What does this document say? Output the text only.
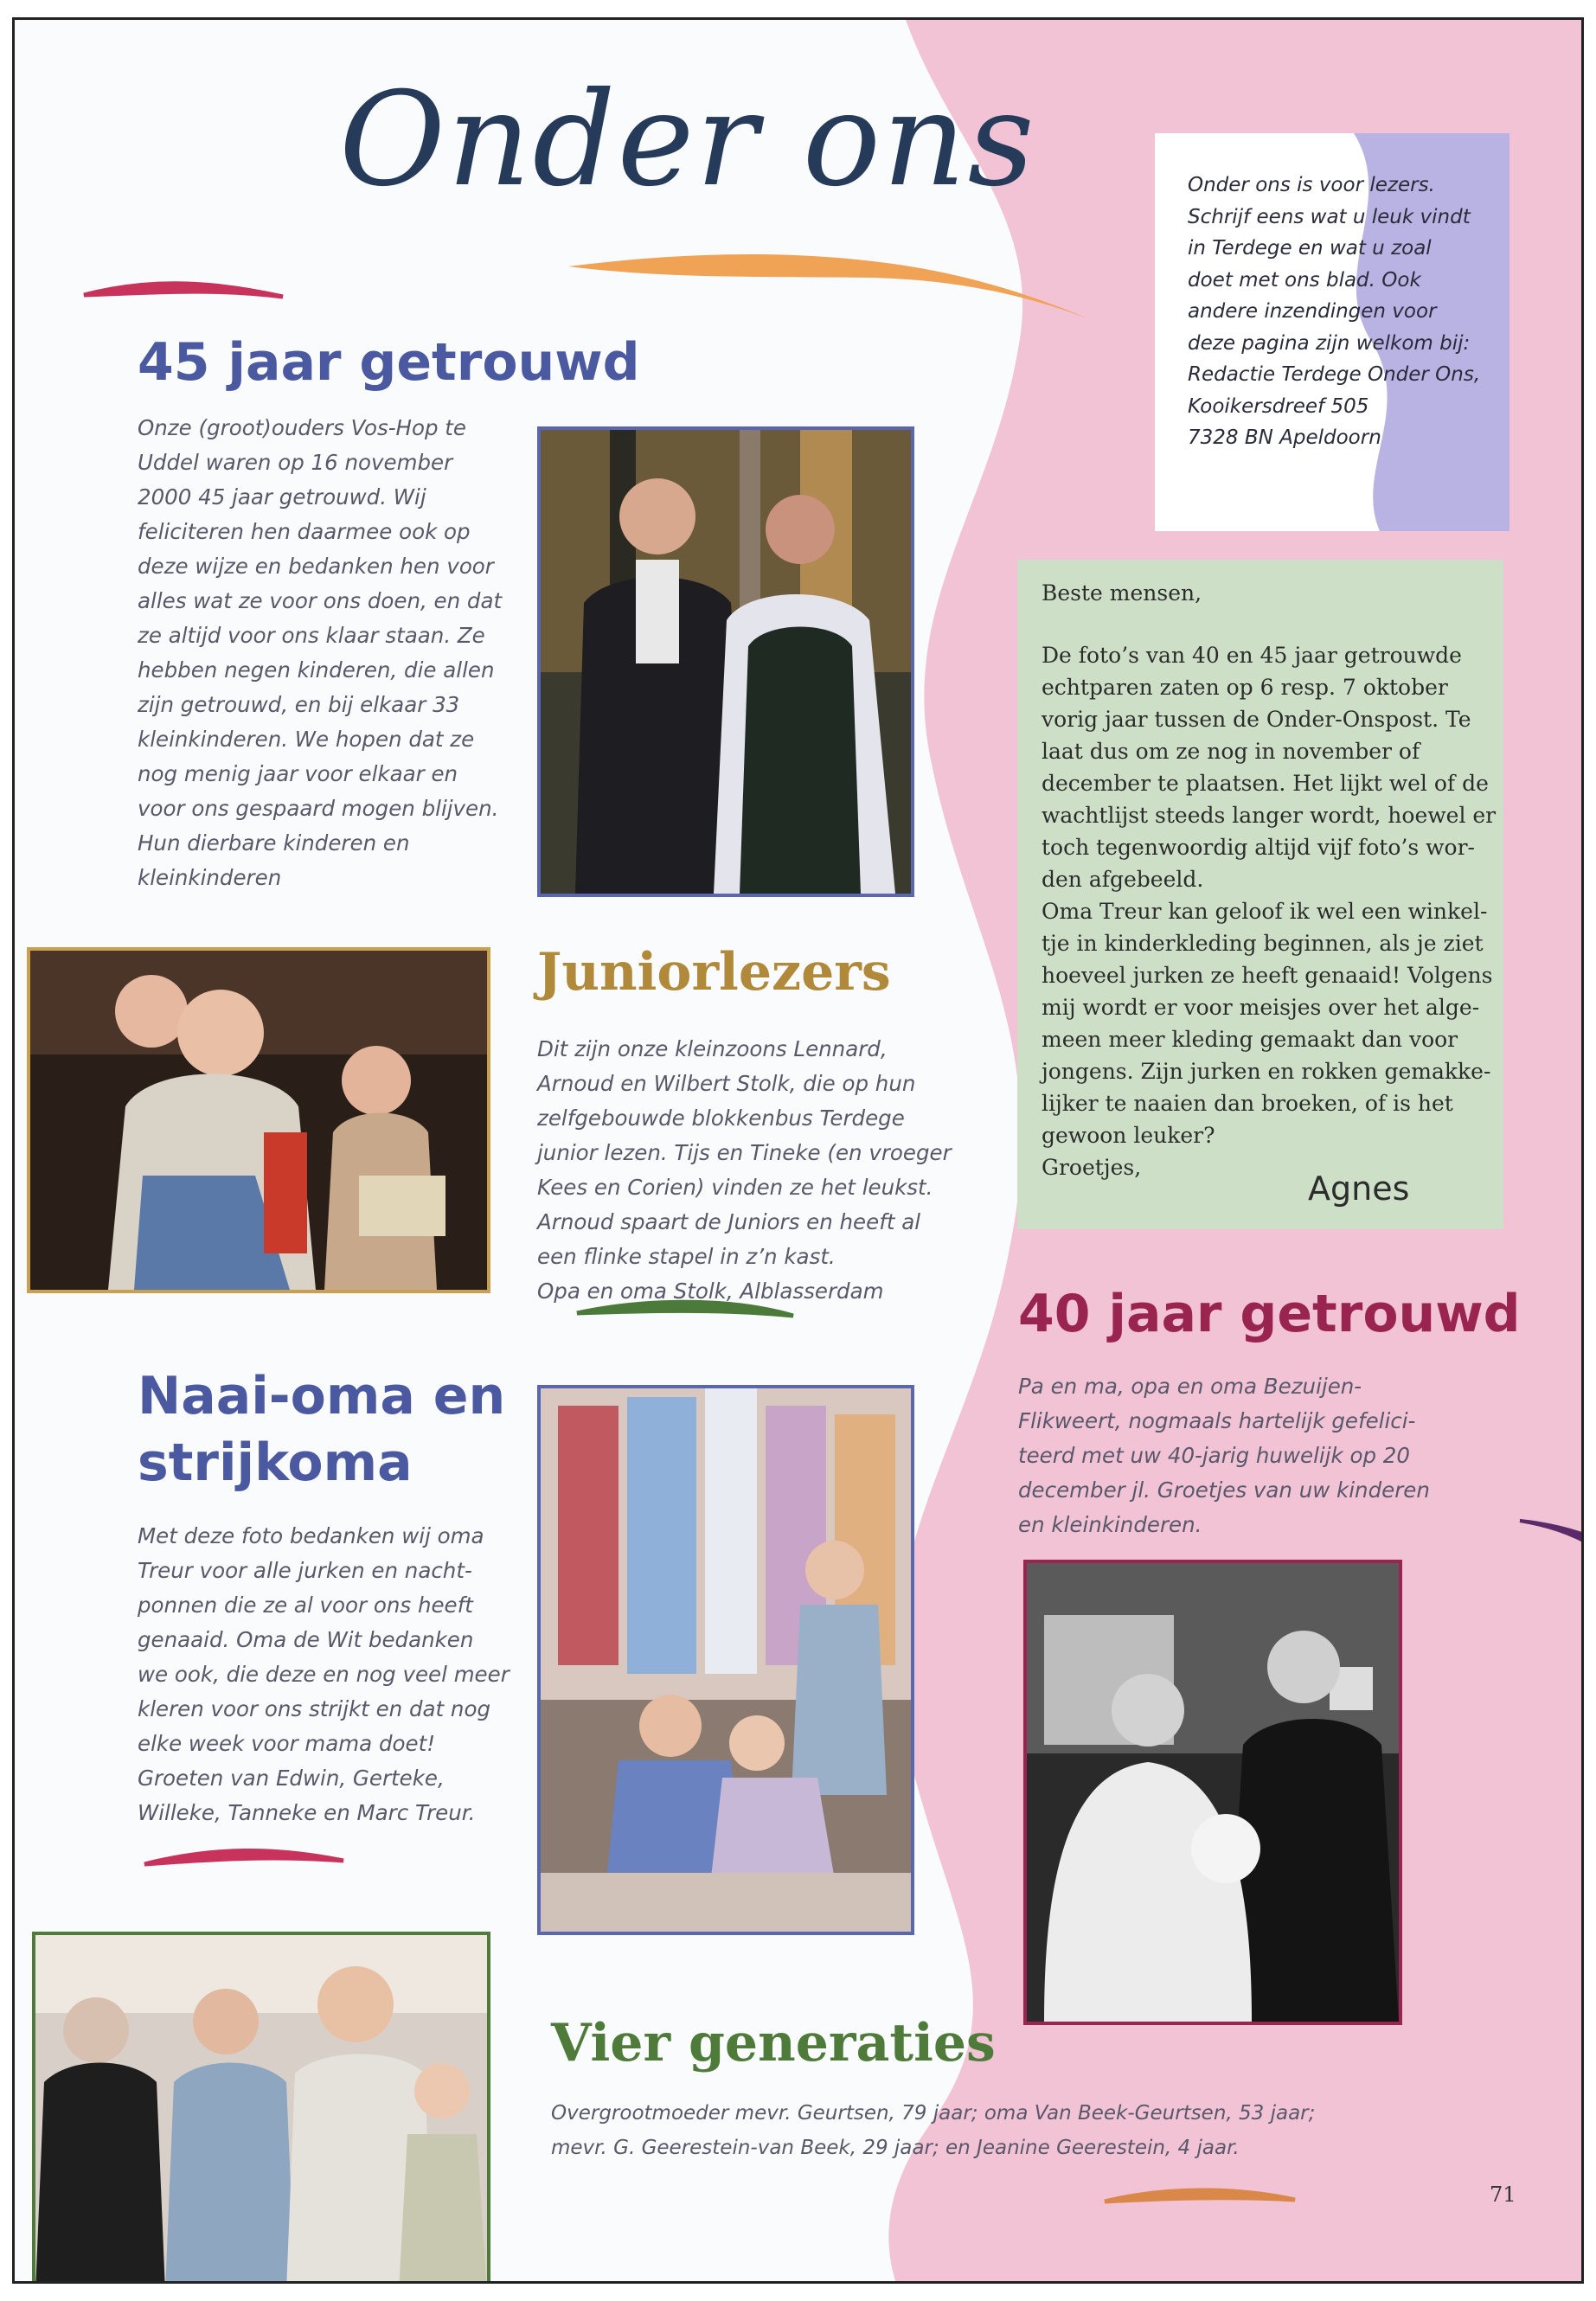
Onder ons	Onder ons is voor lezers.
Schrijf eens wat u leuk vindt
in Terdege en wat u zoal
doet met ons blad. Ook
andere inzendingen voor
deze pagina zijn welkom bij:
Redactie Terdege Onder Ons,
Kooikersdreef 505
7328 BN Apeldoorn
Beste mensen,
De foto’s van 40 en 45 jaar getrouwde
echtparen zaten op 6 resp. 7 oktober
vorig jaar tussen de Onder-Onspost. Te
laat dus om ze nog in november of
december te plaatsen. Het lijkt wel of de
wachtlijst steeds langer wordt, hoewel er
toch tegenwoordig altijd vijf foto’s wor-
den afgebeeld.
Oma Treur kan geloof ik wel een winkel-
tje in kinderkleding beginnen, als je ziet
hoeveel jurken ze heeft genaaid! Volgens
mij wordt er voor meisjes over het alge-
meen meer kleding gemaakt dan voor
jongens. Zijn jurken en rokken gemakke-
lijker te naaien dan broeken, of is het
gewoon leuker?
Groetjes,
Agnes
45 jaar getrouwd
Onze (groot)ouders Vos-Hop te
Uddel waren op 16 november
2000 45 jaar getrouwd. Wij
feliciteren hen daarmee ook op
deze wijze en bedanken hen voor
alles wat ze voor ons doen, en dat
ze altijd voor ons klaar staan. Ze
hebben negen kinderen, die allen
zijn getrouwd, en bij elkaar 33
kleinkinderen. We hopen dat ze
nog menig jaar voor elkaar en
voor ons gespaard mogen blijven.
Hun dierbare kinderen en
kleinkinderen
Juniorlezers
Dit zijn onze kleinzoons Lennard,
Arnoud en Wilbert Stolk, die op hun
zelfgebouwde blokkenbus Terdege
junior lezen. Tijs en Tineke (en vroeger
Kees en Corien) vinden ze het leukst.
Arnoud spaart de Juniors en heeft al
een flinke stapel in z’n kast.
Opa en oma Stolk, Alblasserdam	40 jaar getrouwd
Pa en ma, opa en oma Bezuijen-
Flikweert, nogmaals hartelijk gefelici-
teerd met uw 40-jarig huwelijk op 20
december jl. Groetjes van uw kinderen
en kleinkinderen.
Naai-oma en
strijkoma
Met deze foto bedanken wij oma
Treur voor alle jurken en nacht-
ponnen die ze al voor ons heeft
genaaid. Oma de Wit bedanken
we ook, die deze en nog veel meer
kleren voor ons strijkt en dat nog
elke week voor mama doet!
Groeten van Edwin, Gerteke,
Willeke, Tanneke en Marc Treur.
Vier generaties
Overgrootmoeder mevr. Geurtsen, 79 jaar; oma Van Beek-Geurtsen, 53 jaar;
mevr. G. Geerestein-van Beek, 29 jaar; en Jeanine Geerestein, 4 jaar.
71
